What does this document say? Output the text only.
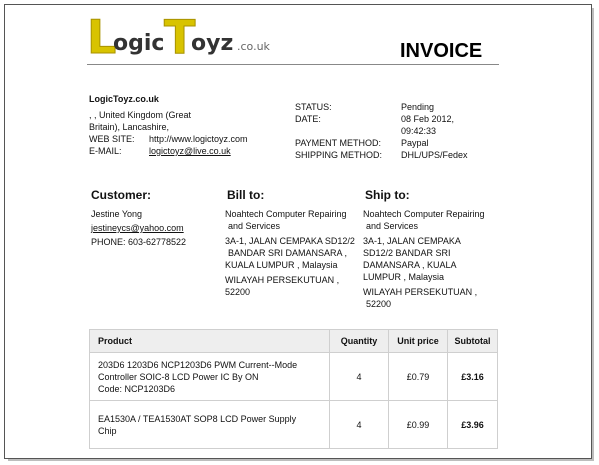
L
ogic T
oyz .co.uk	INVOICE
LogicToyz.co.uk
, , United Kingdom (Great
Britain), Lancashire,
WEB SITE:	http://www.logictoyz.com
E-MAIL:	logictoyz@live.co.uk
STATUS:	Pending
DATE:	08 Feb 2012,
09:42:33
PAYMENT METHOD:	Paypal
SHIPPING METHOD:	DHL/UPS/Fedex
Customer:	Bill to:	Ship to:
Jestine Yong
jestineycs@yahoo.com
PHONE: 603-62778522
Noahtech Computer Repairing
and Services
3A-1, JALAN CEMPAKA SD12/2
BANDAR SRI DAMANSARA ,
KUALA LUMPUR , Malaysia
WILAYAH PERSEKUTUAN ,
52200
Noahtech Computer Repairing
and Services
3A-1, JALAN CEMPAKA
SD12/2 BANDAR SRI
DAMANSARA , KUALA
LUMPUR , Malaysia
WILAYAH PERSEKUTUAN ,
52200
Product	Quantity	Unit price	Subtotal

203D6 1203D6 NCP1203D6 PWM Current--Mode
Controller SOIC-8 LCD Power IC By ON
Code: NCP1203D6	4	£0.79	£3.16

EA1530A / TEA1530AT SOP8 LCD Power Supply
Chip	4	£0.99	£3.96
